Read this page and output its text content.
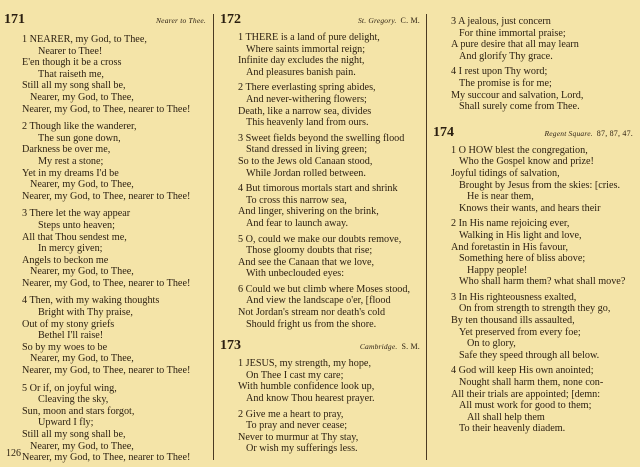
171	Nearer to Thee.
1 NEARER, my God, to Thee,
Nearer to Thee!
E'en though it be a cross
That raiseth me,
Still all my song shall be,
Nearer, my God, to Thee,
Nearer, my God, to Thee, nearer to Thee!
2 Though like the wanderer,
The sun gone down,
Darkness be over me,
My rest a stone;
Yet in my dreams I'd be
Nearer, my God, to Thee,
Nearer, my God, to Thee, nearer to Thee!
3 There let the way appear
Steps unto heaven;
All that Thou sendest me,
In mercy given;
Angels to beckon me
Nearer, my God, to Thee,
Nearer, my God, to Thee, nearer to Thee!
4 Then, with my waking thoughts
Bright with Thy praise,
Out of my stony griefs
Bethel I'll raise!
So by my woes to be
Nearer, my God, to Thee,
Nearer, my God, to Thee, nearer to Thee!
5 Or if, on joyful wing,
Cleaving the sky,
Sun, moon and stars forgot,
Upward I fly;
Still all my song shall be,
Nearer, my God, to Thee,
Nearer, my God, to Thee, nearer to Thee!
172	St. Gregory. C. M.
1 THERE is a land of pure delight,
Where saints immortal reign;
Infinite day excludes the night,
And pleasures banish pain.
2 There everlasting spring abides,
And never-withering flowers;
Death, like a narrow sea, divides
This heavenly land from ours.
3 Sweet fields beyond the swelling flood
Stand dressed in living green;
So to the Jews old Canaan stood,
While Jordan rolled between.
4 But timorous mortals start and shrink
To cross this narrow sea,
And linger, shivering on the brink,
And fear to launch away.
5 O, could we make our doubts remove,
Those gloomy doubts that rise;
And see the Canaan that we love,
With unbeclouded eyes:
6 Could we but climb where Moses stood,
And view the landscape o'er, [flood
Not Jordan's stream nor death's cold
Should fright us from the shore.
173	Cambridge. S. M.
1 JESUS, my strength, my hope,
On Thee I cast my care;
With humble confidence look up,
And know Thou hearest prayer.
2 Give me a heart to pray,
To pray and never cease;
Never to murmur at Thy stay,
Or wish my sufferings less.
3 A jealous, just concern
For thine immortal praise;
A pure desire that all may learn
And glorify Thy grace.
4 I rest upon Thy word;
The promise is for me;
My succour and salvation, Lord,
Shall surely come from Thee.
174	Regent Square. 87, 87, 47.
1 O HOW blest the congregation,
Who the Gospel know and prize!
Joyful tidings of salvation,
Brought by Jesus from the skies: [cries.
He is near them,
Knows their wants, and hears their
2 In His name rejoicing ever,
Walking in His light and love,
And foretastin in His favour,
Something here of bliss above;
Happy people!
Who shall harm them? what shall move?
3 In His righteousness exalted,
On from strength to strength they go,
By ten thousand ills assaulted,
Yet preserved from every foe;
On to glory,
Safe they speed through all below.
4 God will keep His own anointed;
Nought shall harm them, none con-
All their trials are appointed; [demn:
All must work for good to them;
All shall help them
To their heavenly diadem.
126
